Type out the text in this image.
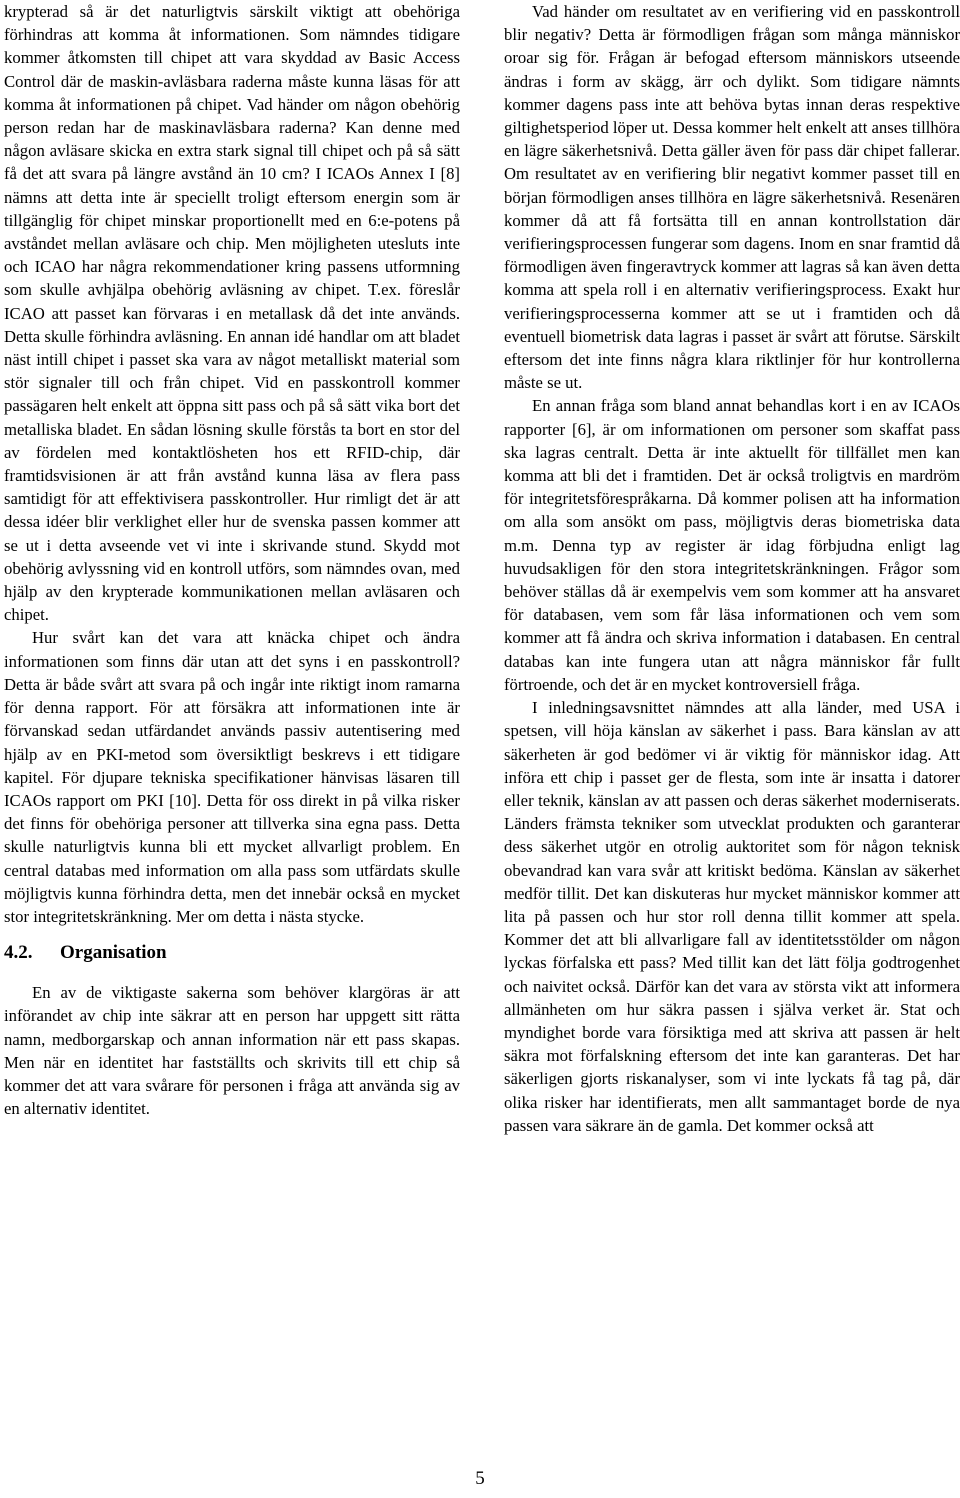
krypterad så är det naturligtvis särskilt viktigt att obehöriga förhindras att komma åt informationen. Som nämndes tidigare kommer åtkomsten till chipet att vara skyddad av Basic Access Control där de maskin-avläsbara raderna måste kunna läsas för att komma åt informationen på chipet. Vad händer om någon obehörig person redan har de maskinavläsbara raderna? Kan denne med någon avläsare skicka en extra stark signal till chipet och på så sätt få det att svara på längre avstånd än 10 cm? I ICAOs Annex I [8] nämns att detta inte är speciellt troligt eftersom energin som är tillgänglig för chipet minskar proportionellt med en 6:e-potens på avståndet mellan avläsare och chip. Men möjligheten utesluts inte och ICAO har några rekommendationer kring passens utformning som skulle avhjälpa obehörig avläsning av chipet. T.ex. föreslår ICAO att passet kan förvaras i en metallask då det inte används. Detta skulle förhindra avläsning. En annan idé handlar om att bladet näst intill chipet i passet ska vara av något metalliskt material som stör signaler till och från chipet. Vid en passkontroll kommer passägaren helt enkelt att öppna sitt pass och på så sätt vika bort det metalliska bladet. En sådan lösning skulle förstås ta bort en stor del av fördelen med kontaktlösheten hos ett RFID-chip, där framtidsvisionen är att från avstånd kunna läsa av flera pass samtidigt för att effektivisera passkontroller. Hur rimligt det är att dessa idéer blir verklighet eller hur de svenska passen kommer att se ut i detta avseende vet vi inte i skrivande stund. Skydd mot obehörig avlyssning vid en kontroll utförs, som nämndes ovan, med hjälp av den krypterade kommunikationen mellan avläsaren och chipet.

Hur svårt kan det vara att knäcka chipet och ändra informationen som finns där utan att det syns i en passkontroll? Detta är både svårt att svara på och ingår inte riktigt inom ramarna för denna rapport. För att försäkra att informationen inte är förvanskad sedan utfärdandet används passiv autentisering med hjälp av en PKI-metod som översiktligt beskrevs i ett tidigare kapitel. För djupare tekniska specifikationer hänvisas läsaren till ICAOs rapport om PKI [10]. Detta för oss direkt in på vilka risker det finns för obehöriga personer att tillverka sina egna pass. Detta skulle naturligtvis kunna bli ett mycket allvarligt problem. En central databas med information om alla pass som utfärdats skulle möjligtvis kunna förhindra detta, men det innebär också en mycket stor integritetskränkning. Mer om detta i nästa stycke.

4.2. Organisation

En av de viktigaste sakerna som behöver klargöras är att införandet av chip inte säkrar att en person har uppgett sitt rätta namn, medborgarskap och annan information när ett pass skapas. Men när en identitet har fastställts och skrivits till ett chip så kommer det att vara svårare för personen i fråga att använda sig av en alternativ identitet.

Vad händer om resultatet av en verifiering vid en passkontroll blir negativ? Detta är förmodligen frågan som många människor oroar sig för. Frågan är befogad eftersom människors utseende ändras i form av skägg, ärr och dylikt. Som tidigare nämnts kommer dagens pass inte att behöva bytas innan deras respektive giltighetsperiod löper ut. Dessa kommer helt enkelt att anses tillhöra en lägre säkerhetsnivå. Detta gäller även för pass där chipet fallerar. Om resultatet av en verifiering blir negativt kommer passet till en början förmodligen anses tillhöra en lägre säkerhetsnivå. Resenären kommer då att få fortsätta till en annan kontrollstation där verifieringsprocessen fungerar som dagens. Inom en snar framtid då förmodligen även fingeravtryck kommer att lagras så kan även detta komma att spela roll i en alternativ verifieringsprocess. Exakt hur verifieringsprocesserna kommer att se ut i framtiden och då eventuell biometrisk data lagras i passet är svårt att förutse. Särskilt eftersom det inte finns några klara riktlinjer för hur kontrollerna måste se ut.

En annan fråga som bland annat behandlas kort i en av ICAOs rapporter [6], är om informationen om personer som skaffat pass ska lagras centralt. Detta är inte aktuellt för tillfället men kan komma att bli det i framtiden. Det är också troligtvis en mardröm för integritetsförespråkarna. Då kommer polisen att ha information om alla som ansökt om pass, möjligtvis deras biometriska data m.m. Denna typ av register är idag förbjudna enligt lag huvudsakligen för den stora integritetskränkningen. Frågor som behöver ställas då är exempelvis vem som kommer att ha ansvaret för databasen, vem som får läsa informationen och vem som kommer att få ändra och skriva information i databasen. En central databas kan inte fungera utan att några människor får fullt förtroende, och det är en mycket kontroversiell fråga.

I inledningsavsnittet nämndes att alla länder, med USA i spetsen, vill höja känslan av säkerhet i pass. Bara känslan av att säkerheten är god bedömer vi är viktig för människor idag. Att införa ett chip i passet ger de flesta, som inte är insatta i datorer eller teknik, känslan av att passen och deras säkerhet moderniserats. Länders främsta tekniker som utvecklat produkten och garanterar dess säkerhet utgör en otrolig auktoritet som för någon teknisk obevandrad kan vara svår att kritiskt bedöma. Känslan av säkerhet medför tillit. Det kan diskuteras hur mycket människor kommer att lita på passen och hur stor roll denna tillit kommer att spela. Kommer det att bli allvarligare fall av identitetsstölder om någon lyckas förfalska ett pass? Med tillit kan det lätt följa godtrogenhet och naivitet också. Därför kan det vara av största vikt att informera allmänheten om hur säkra passen i själva verket är. Stat och myndighet borde vara försiktiga med att skriva att passen är helt säkra mot förfalskning eftersom det inte kan garanteras. Det har säkerligen gjorts riskanalyser, som vi inte lyckats få tag på, där olika risker har identifierats, men allt sammantaget borde de nya passen vara säkrare än de gamla. Det kommer också att

5
